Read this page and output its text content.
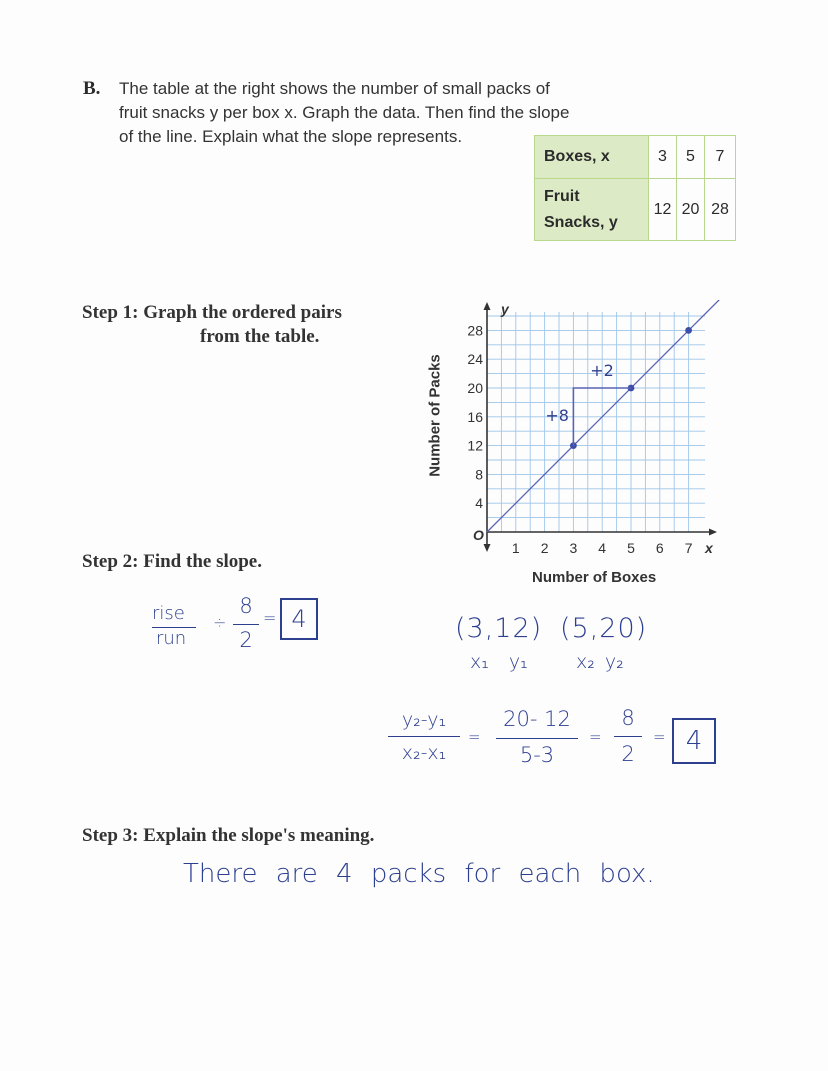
B. The table at the right shows the number of small packs of
fruit snacks y per box x. Graph the data. Then find the slope
of the line. Explain what the slope represents.
Boxes, x	3	5	7

Fruit
Snacks, y	12	20	28
Step 1: Graph the ordered pairs
from the table.
Step 2: Find the slope.
Step 3: Explain the slope's meaning.
Number of Packs
1 2 3 4 5 6 7
4
8
12
16
20
24
28
O
x
y
+8
+2
Number of Boxes
rise
run
÷
8
2
= 4	(3,12) (5,20)
x₁ y₁	x₂ y₂
y₂-y₁
x₂-x₁
=
20- 12
5-3
=
8
2
= 4
There are 4 packs for each box.
